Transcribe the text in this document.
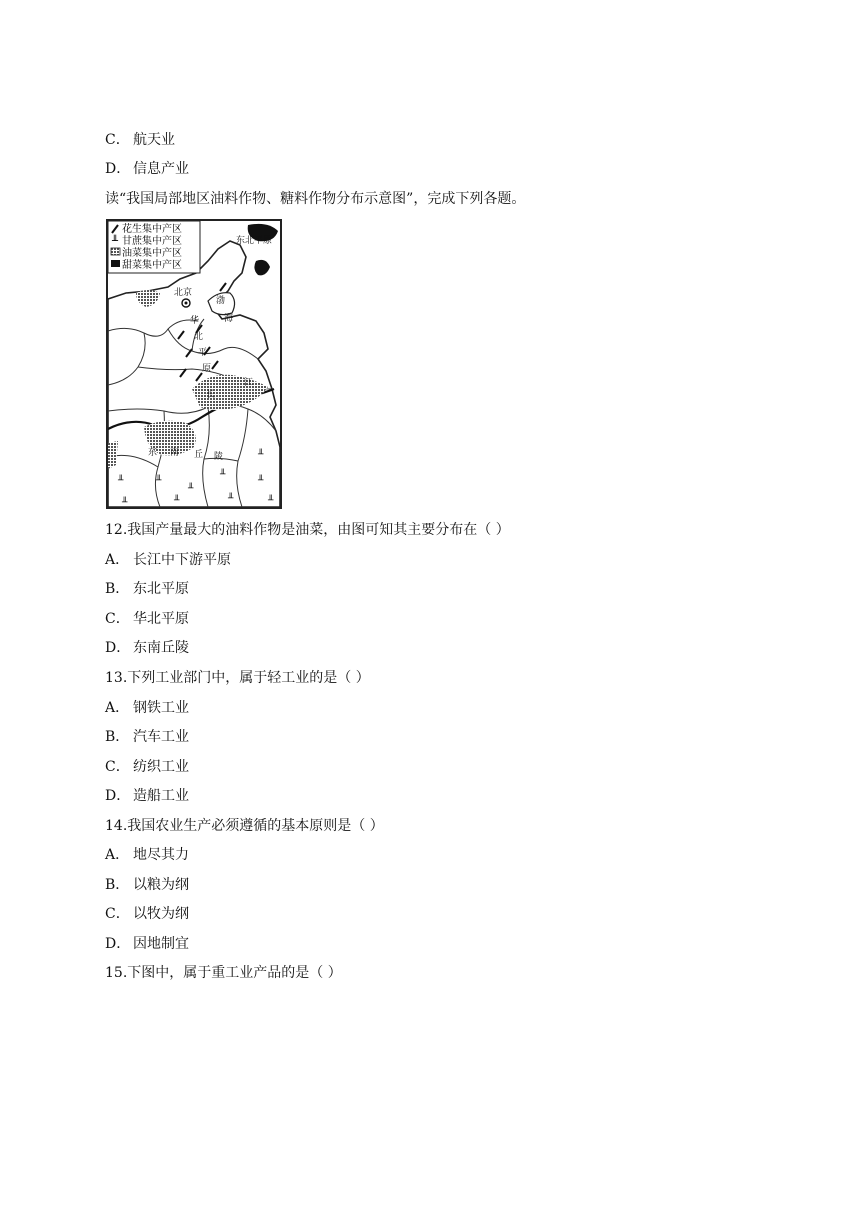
C． 航天业
D． 信息产业
读“我国局部地区油料作物、糖料作物分布示意图”，完成下列各题。
花生集中产区
╨ 甘蔗集中产区
油菜集中产区
甜菜集中产区
东北平原
北京
渤
海
华
北
平
原
长
江
东 南 丘 陵
╨	╨
╨
╨
╨
╨	╨	╨	╨
╨
12.我国产量最大的油料作物是油菜，由图可知其主要分布在（ ）
A． 长江中下游平原
B． 东北平原
C． 华北平原
D． 东南丘陵
13.下列工业部门中，属于轻工业的是（ ）
A． 钢铁工业
B． 汽车工业
C． 纺织工业
D． 造船工业
14.我国农业生产必须遵循的基本原则是（ ）
A． 地尽其力
B． 以粮为纲
C． 以牧为纲
D． 因地制宜
15.下图中，属于重工业产品的是（ ）
